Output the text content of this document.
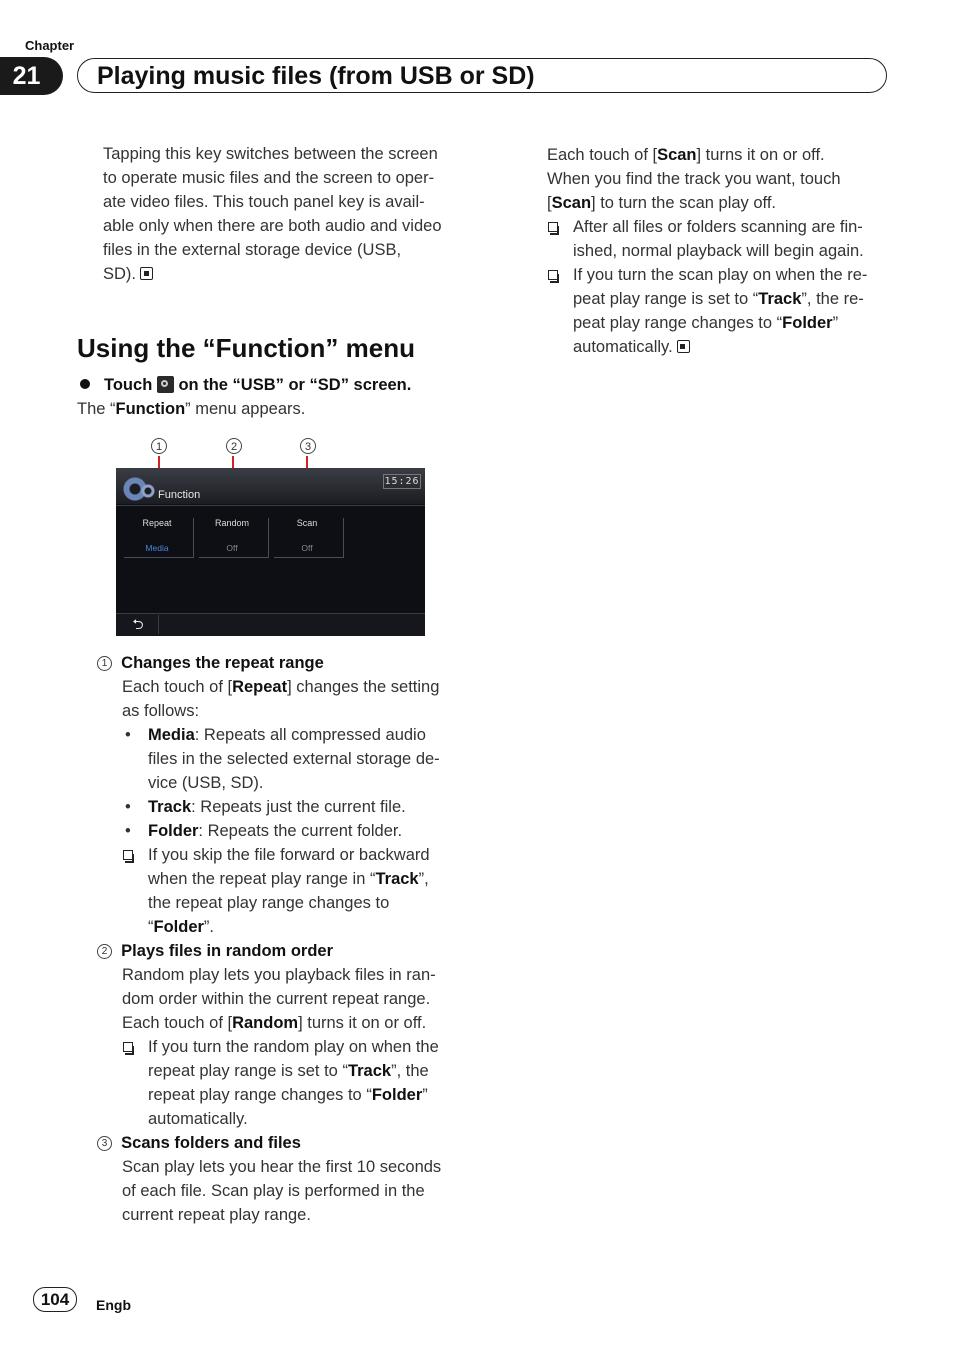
Chapter
21	Playing music files (from USB or SD)
Tapping this key switches between the screen
to operate music files and the screen to oper-
ate video files. This touch panel key is avail-
able only when there are both audio and video
files in the external storage device (USB,
SD).
Using the “Function” menu
Touch on the “USB” or “SD” screen.
The “Function” menu appears.
1	2	3
Function
15:26
Repeat
Media
Random
Off
Scan
Off
⮌
1 Changes the repeat range
Each touch of [Repeat] changes the setting
as follows:
• Media: Repeats all compressed audio
files in the selected external storage de-
vice (USB, SD).
• Track: Repeats just the current file.
• Folder: Repeats the current folder.
If you skip the file forward or backward
when the repeat play range in “Track”,
the repeat play range changes to
“Folder”.
2 Plays files in random order
Random play lets you playback files in ran-
dom order within the current repeat range.
Each touch of [Random] turns it on or off.
If you turn the random play on when the
repeat play range is set to “Track”, the
repeat play range changes to “Folder”
automatically.
3 Scans folders and files
Scan play lets you hear the first 10 seconds
of each file. Scan play is performed in the
current repeat play range.
Each touch of [Scan] turns it on or off.
When you find the track you want, touch
[Scan] to turn the scan play off.
After all files or folders scanning are fin-
ished, normal playback will begin again.
If you turn the scan play on when the re-
peat play range is set to “Track”, the re-
peat play range changes to “Folder”
automatically.
104	Engb
